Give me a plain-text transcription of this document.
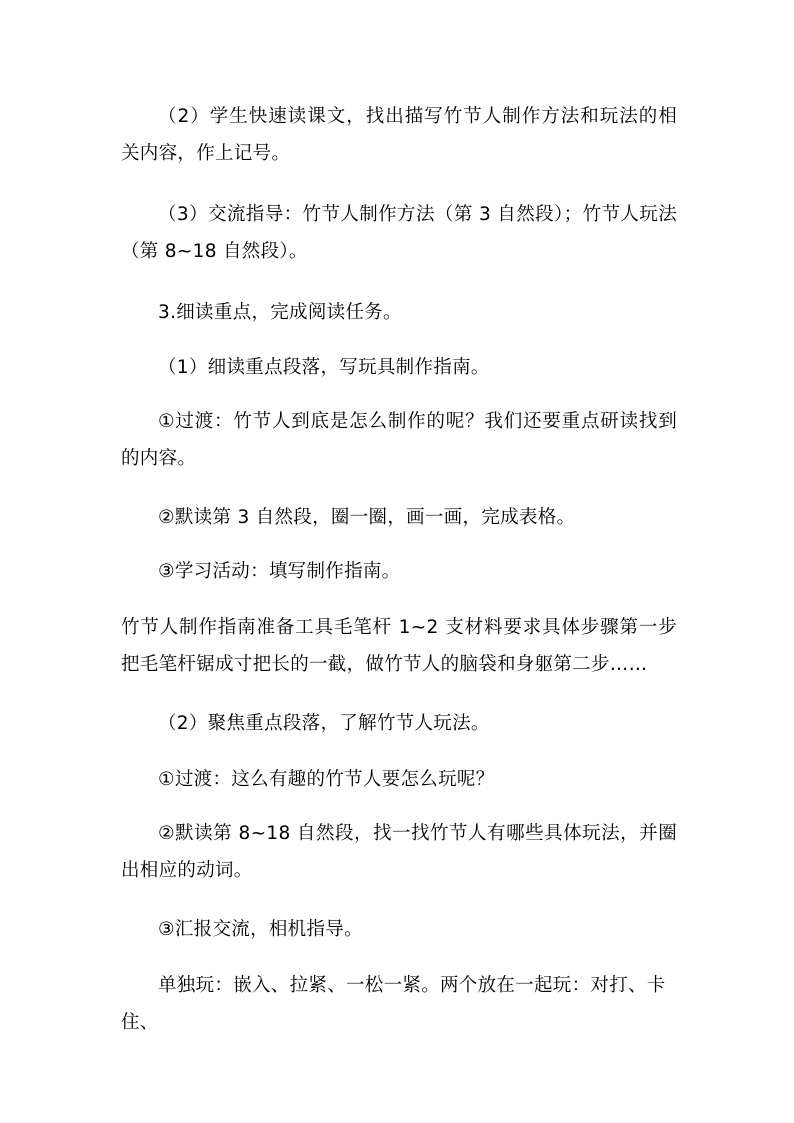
（2）学生快速读课文，找出描写竹节人制作方法和玩法的相关内容，作上记号。

（3）交流指导：竹节人制作方法（第 3 自然段）；竹节人玩法（第 8~18 自然段）。

3.细读重点，完成阅读任务。

（1）细读重点段落，写玩具制作指南。

①过渡：竹节人到底是怎么制作的呢？我们还要重点研读找到的内容。

②默读第 3 自然段，圈一圈，画一画，完成表格。

③学习活动：填写制作指南。

竹节人制作指南准备工具毛笔杆 1~2 支材料要求具体步骤第一步把毛笔杆锯成寸把长的一截，做竹节人的脑袋和身躯第二步……

（2）聚焦重点段落，了解竹节人玩法。

①过渡：这么有趣的竹节人要怎么玩呢？

②默读第 8~18 自然段，找一找竹节人有哪些具体玩法，并圈出相应的动词。

③汇报交流，相机指导。

单独玩：嵌入、拉紧、一松一紧。两个放在一起玩：对打、卡住、
